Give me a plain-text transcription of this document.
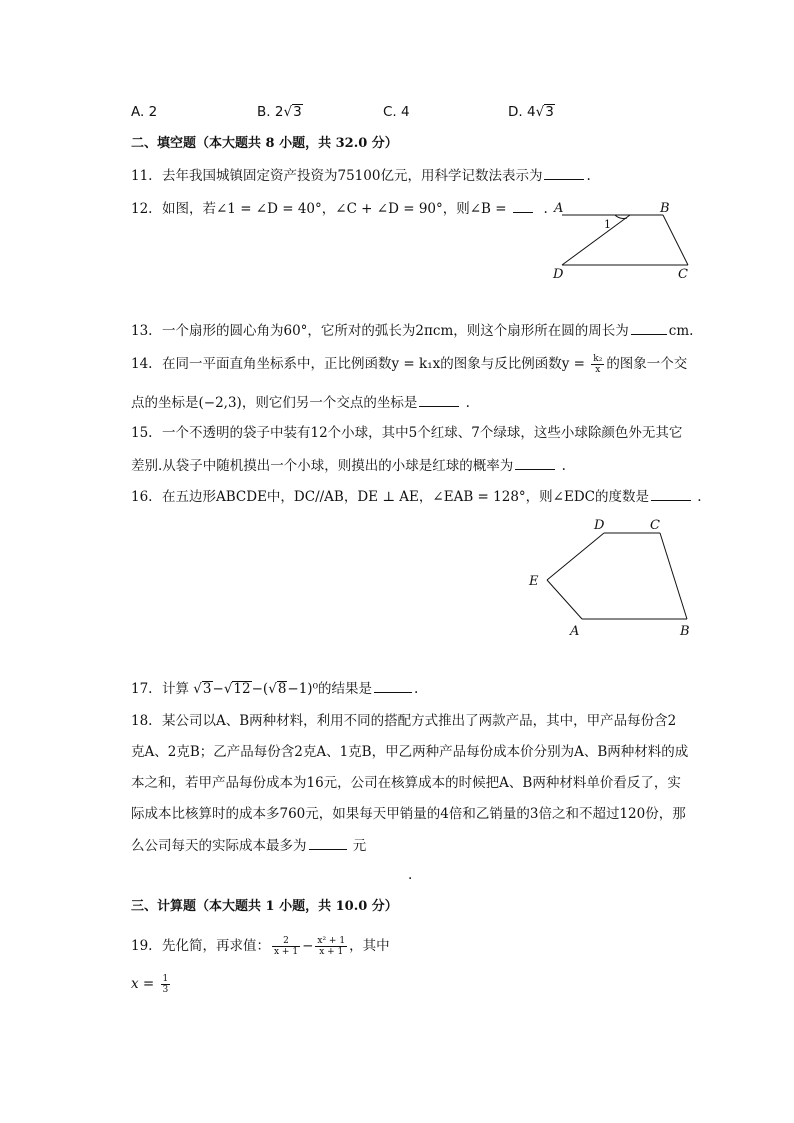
A. 2	B. 2√3	C. 4	D. 4√3
二、填空题（本大题共 8 小题，共 32.0 分）
11. 去年我国城镇固定资产投资为75100亿元，用科学记数法表示为	.
12. 如图，若∠1 = ∠D = 40°，∠C + ∠D = 90°，则∠B =   . A	B
C
D
1
13. 一个扇形的圆心角为60°，它所对的弧长为2πcm，则这个扇形所在圆的周长为	cm.
14. 在同一平面直角坐标系中，正比例函数y = k₁x的图象与反比例函数$y = \frac{\text{k₂}}{x}$ 的图象一个交
点的坐标是(−2,3)，则它们另一个交点的坐标是	.
15. 一个不透明的袋子中装有12个小球，其中5个红球、7个绿球，这些小球除颜色外无其它
差别.从袋子中随机摸出一个小球，则摸出的小球是红球的概率为	.
16. 在五边形ABCDE中，DC//AB，DE ⊥ AE，∠EAB = 128°，则∠EDC的度数是	.
D	C
E
A	B
17. 计算 √3−√12−(√8−1)⁰的结果是	.
18. 某公司以A、B两种材料，利用不同的搭配方式推出了两款产品，其中，甲产品每份含2
克A、2克B；乙产品每份含2克A、1克B，甲乙两种产品每份成本价分别为A、B两种材料的成
本之和，若甲产品每份成本为16元，公司在核算成本的时候把A、B两种材料单价看反了，实
际成本比核算时的成本多760元，如果每天甲销量的4倍和乙销量的3倍之和不超过120份，那
么公司每天的实际成本最多为	元
.
三、计算题（本大题共 1 小题，共 10.0 分）
19. 先化简，再求值： $\frac{2}{x + 1} - \frac{\text{x² + 1}}{x + 1}$ ，其中
$x = \frac{1}{3}$
